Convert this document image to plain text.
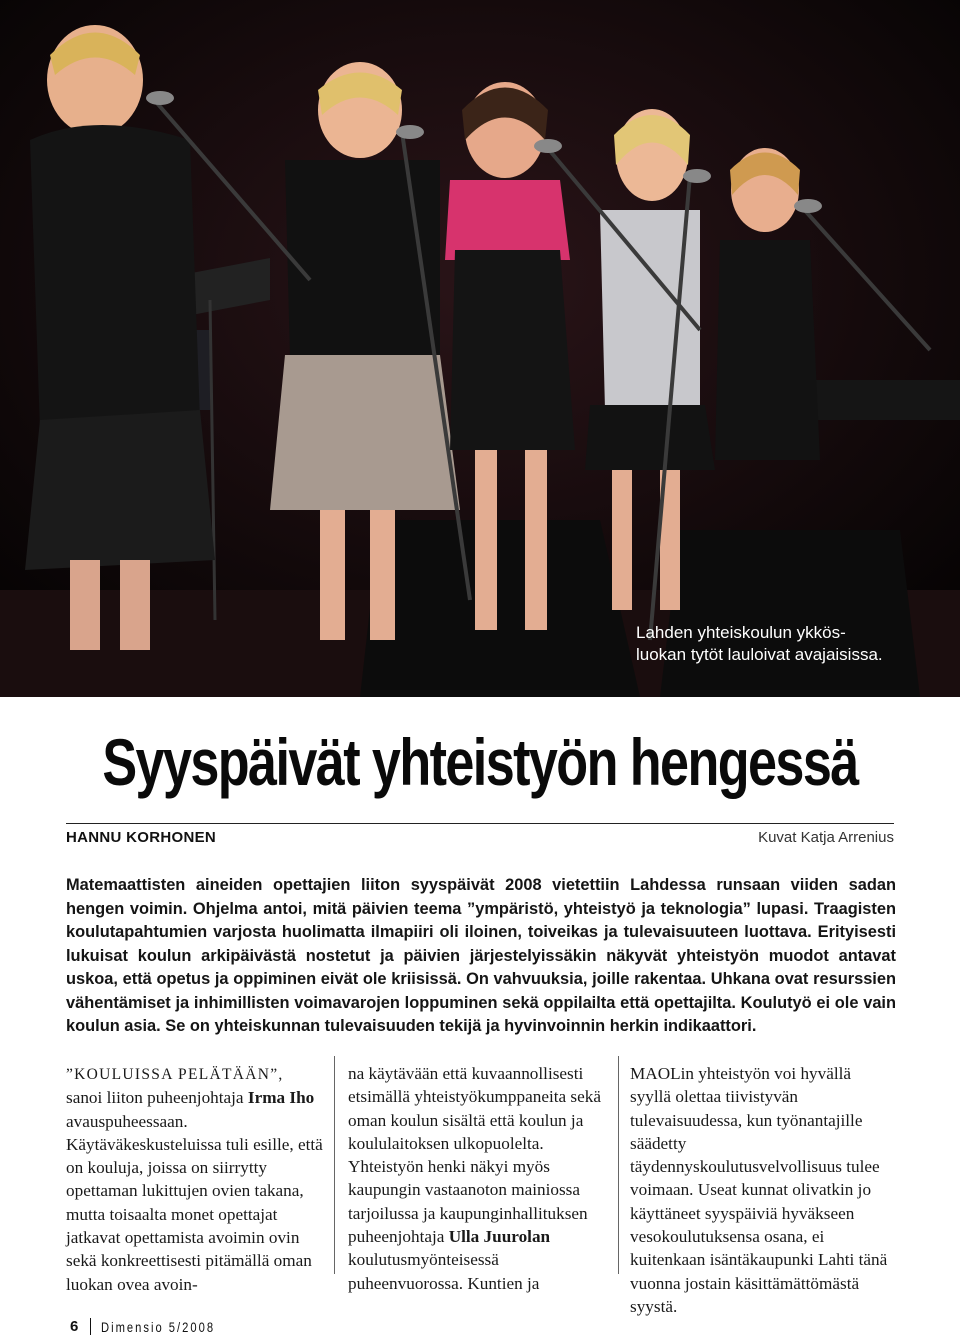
Lahden yhteiskoulun ykkös-
luokan tytöt lauloivat avajaisissa.
Syyspäivät yhteistyön hengessä
HANNU KORHONEN	Kuvat Katja Arrenius
Matemaattisten aineiden opettajien liiton syyspäivät 2008 vietettiin Lahdessa runsaan viiden sadan hengen voimin. Ohjelma antoi, mitä päivien teema ”ympäristö, yhteistyö ja teknologia” lupasi. Traagisten koulutapahtumien varjosta huolimatta ilmapiiri oli iloinen, toiveikas ja tulevaisuuteen luottava. Erityisesti lukuisat koulun arkipäivästä nostetut ja päivien järjestelyissäkin näkyvät yhteistyön muodot antavat uskoa, että opetus ja oppiminen eivät ole kriisissä. On vahvuuksia, joille rakentaa. Uhkana ovat resurssien vähentämiset ja inhimillisten voimavarojen loppuminen sekä oppilailta että opettajilta. Koulutyö ei ole vain koulun asia. Se on yhteiskunnan tulevaisuuden tekijä ja hyvinvoinnin herkin indikaattori.
”KOULUISSA PELÄTÄÄN”,
sanoi liiton puheenjohtaja Irma Iho avauspuheessaan. Käytäväkeskusteluissa tuli esille, että on kouluja, joissa on siirrytty opettaman lukittujen ovien takana, mutta toisaalta monet opettajat jatkavat opettamista avoimin ovin sekä konkreettisesti pitämällä oman luokan ovea avoin-
na käytävään että kuvaannollisesti etsimällä yhteistyökumppaneita sekä oman koulun sisältä että koulun ja koululaitoksen ulkopuolelta. Yhteistyön henki näkyi myös kaupungin vastaanoton mainiossa tarjoilussa ja kaupunginhallituksen puheenjohtaja Ulla Juurolan koulutusmyönteisessä puheenvuorossa. Kuntien ja
MAOLin yhteistyön voi hyvällä syyllä olettaa tiivistyvän tulevaisuudessa, kun työnantajille säädetty täydennyskoulutusvelvollisuus tulee voimaan. Useat kunnat olivatkin jo käyttäneet syyspäiviä hyväkseen vesokoulutuksensa osana, ei kuitenkaan isäntäkaupunki Lahti tänä vuonna jostain käsittämättömästä syystä.
6 Dimensio 5/2008
